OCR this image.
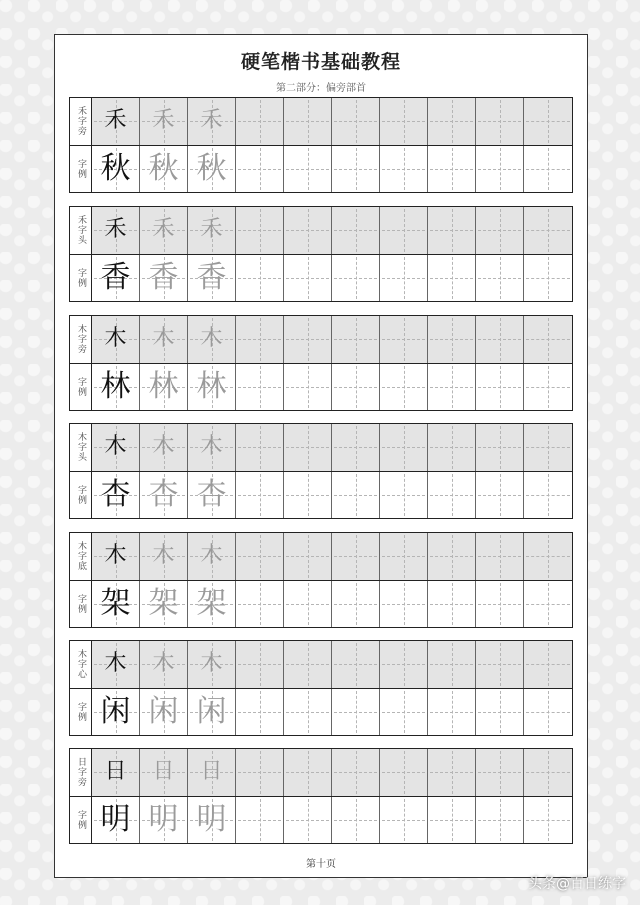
硬笔楷书基础教程
第二部分：偏旁部首
禾字旁
字例
禾 禾 禾
秋 秋 秋
禾字头
字例
禾 禾 禾
香 香 香
木字旁
字例
木 木 木
林 林 林
木字头
字例
木 木 木
杏 杏 杏
木字底
字例
木 木 木
架 架 架
木字心
字例
木 木 木
闲 闲 闲
日字旁
字例
日 日 日
明 明 明
第十页
头条@百日练字
